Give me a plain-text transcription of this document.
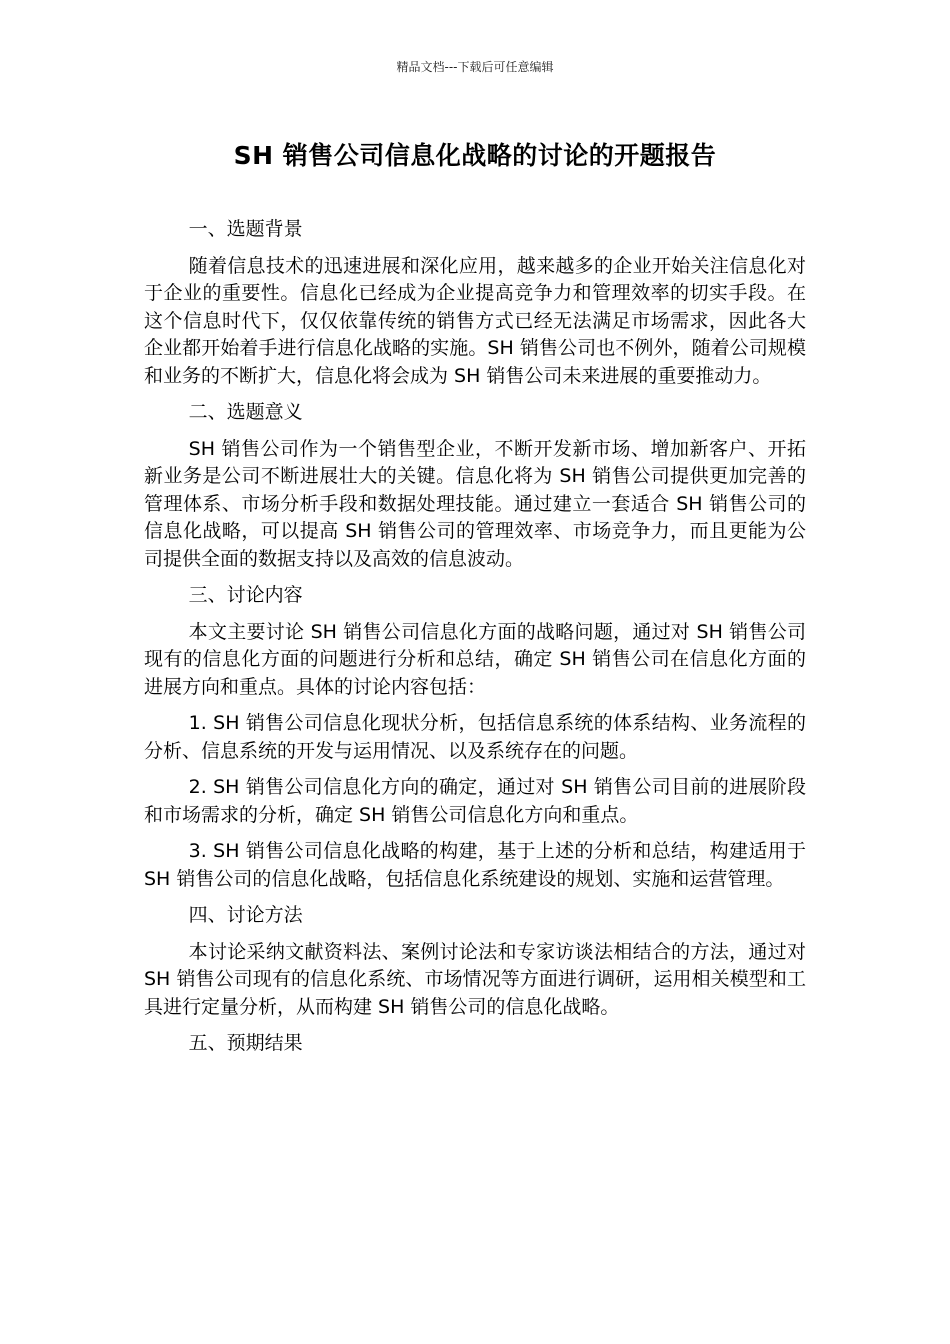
精品文档---下载后可任意编辑
SH 销售公司信息化战略的讨论的开题报告

一、选题背景

随着信息技术的迅速进展和深化应用，越来越多的企业开始关注信息化对于企业的重要性。信息化已经成为企业提高竞争力和管理效率的切实手段。在这个信息时代下，仅仅依靠传统的销售方式已经无法满足市场需求，因此各大企业都开始着手进行信息化战略的实施。SH 销售公司也不例外，随着公司规模和业务的不断扩大，信息化将会成为 SH 销售公司未来进展的重要推动力。

二、选题意义

SH 销售公司作为一个销售型企业，不断开发新市场、增加新客户、开拓新业务是公司不断进展壮大的关键。信息化将为 SH 销售公司提供更加完善的管理体系、市场分析手段和数据处理技能。通过建立一套适合 SH 销售公司的信息化战略，可以提高 SH 销售公司的管理效率、市场竞争力，而且更能为公司提供全面的数据支持以及高效的信息波动。

三、讨论内容

本文主要讨论 SH 销售公司信息化方面的战略问题，通过对 SH 销售公司现有的信息化方面的问题进行分析和总结，确定 SH 销售公司在信息化方面的进展方向和重点。具体的讨论内容包括：

1. SH 销售公司信息化现状分析，包括信息系统的体系结构、业务流程的分析、信息系统的开发与运用情况、以及系统存在的问题。

2. SH 销售公司信息化方向的确定，通过对 SH 销售公司目前的进展阶段和市场需求的分析，确定 SH 销售公司信息化方向和重点。

3. SH 销售公司信息化战略的构建，基于上述的分析和总结，构建适用于 SH 销售公司的信息化战略，包括信息化系统建设的规划、实施和运营管理。

四、讨论方法

本讨论采纳文献资料法、案例讨论法和专家访谈法相结合的方法，通过对 SH 销售公司现有的信息化系统、市场情况等方面进行调研，运用相关模型和工具进行定量分析，从而构建 SH 销售公司的信息化战略。

五、预期结果
